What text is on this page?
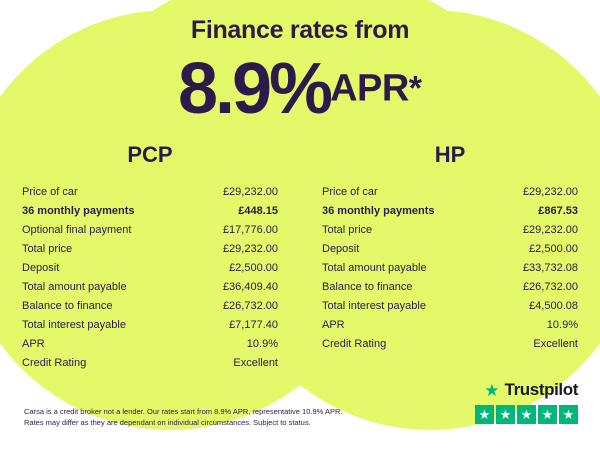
Finance rates from
8.9%APR*
PCP
Price of car	£29,232.00
36 monthly payments	£448.15
Optional final payment	£17,776.00
Total price	£29,232.00
Deposit	£2,500.00
Total amount payable	£36,409.40
Balance to finance	£26,732.00
Total interest payable	£7,177.40
APR	10.9%
Credit Rating	Excellent
HP
Price of car	£29,232.00
36 monthly payments	£867.53
Total price	£29,232.00
Deposit	£2,500.00
Total amount payable	£33,732.08
Balance to finance	£26,732.00
Total interest payable	£4,500.08
APR	10.9%
Credit Rating	Excellent
Carsa is a credit broker not a lender. Our rates start from 8.9% APR, representative 10.9% APR. Rates may differ as they are dependant on individual circumstances. Subject to status.
★ Trustpilot
★ ★ ★ ★ ★
